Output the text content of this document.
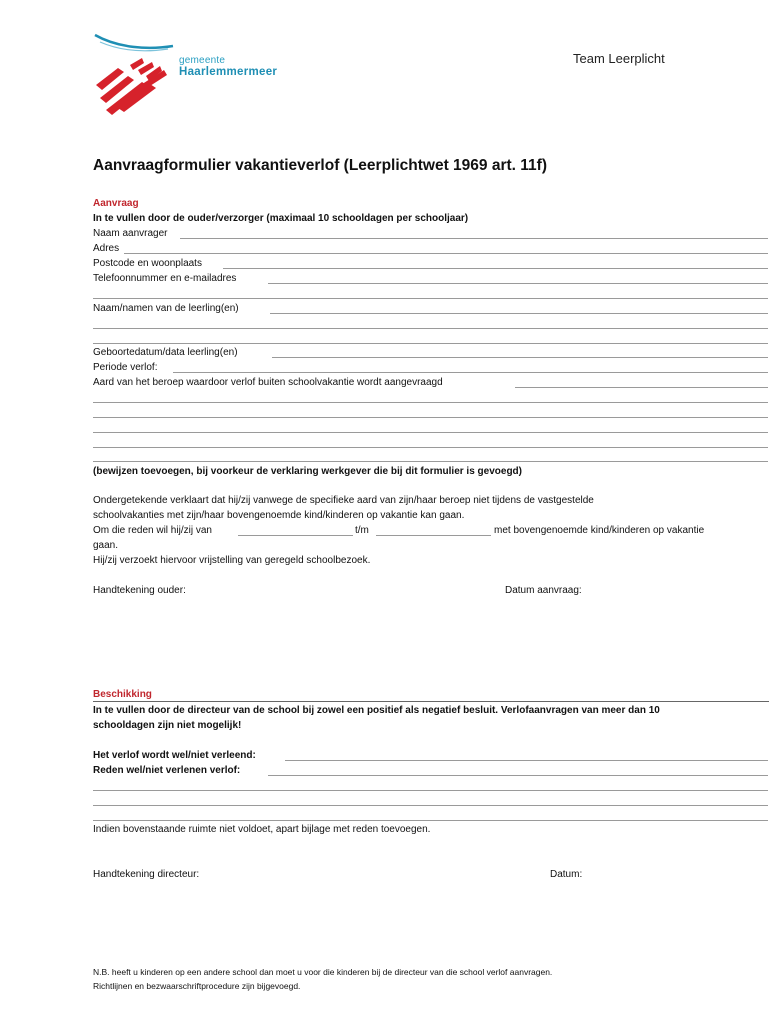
gemeente
Haarlemmermeer
Team Leerplicht
Aanvraagformulier vakantieverlof (Leerplichtwet 1969 art. 11f)
Aanvraag
In te vullen door de ouder/verzorger (maximaal 10 schooldagen per schooljaar)
Naam aanvrager
Adres
Postcode en woonplaats
Telefoonnummer en e-mailadres
Naam/namen van de leerling(en)
Geboortedatum/data leerling(en)
Periode verlof:
Aard van het beroep waardoor verlof buiten schoolvakantie wordt aangevraagd
(bewijzen toevoegen, bij voorkeur de verklaring werkgever die bij dit formulier is gevoegd)
Ondergetekende verklaart dat hij/zij vanwege de specifieke aard van zijn/haar beroep niet tijdens de vastgestelde
schoolvakanties met zijn/haar bovengenoemde kind/kinderen op vakantie kan gaan.
Om die reden wil hij/zij van	t/m	met bovengenoemde kind/kinderen op vakantie
gaan.
Hij/zij verzoekt hiervoor vrijstelling van geregeld schoolbezoek.
Handtekening ouder:	Datum aanvraag:
Beschikking
In te vullen door de directeur van de school bij zowel een positief als negatief besluit. Verlofaanvragen van meer dan 10
schooldagen zijn niet mogelijk!
Het verlof wordt wel/niet verleend:
Reden wel/niet verlenen verlof:
Indien bovenstaande ruimte niet voldoet, apart bijlage met reden toevoegen.
Handtekening directeur:	Datum:
N.B. heeft u kinderen op een andere school dan moet u voor die kinderen bij de directeur van die school verlof aanvragen.
Richtlijnen en bezwaarschriftprocedure zijn bijgevoegd.
